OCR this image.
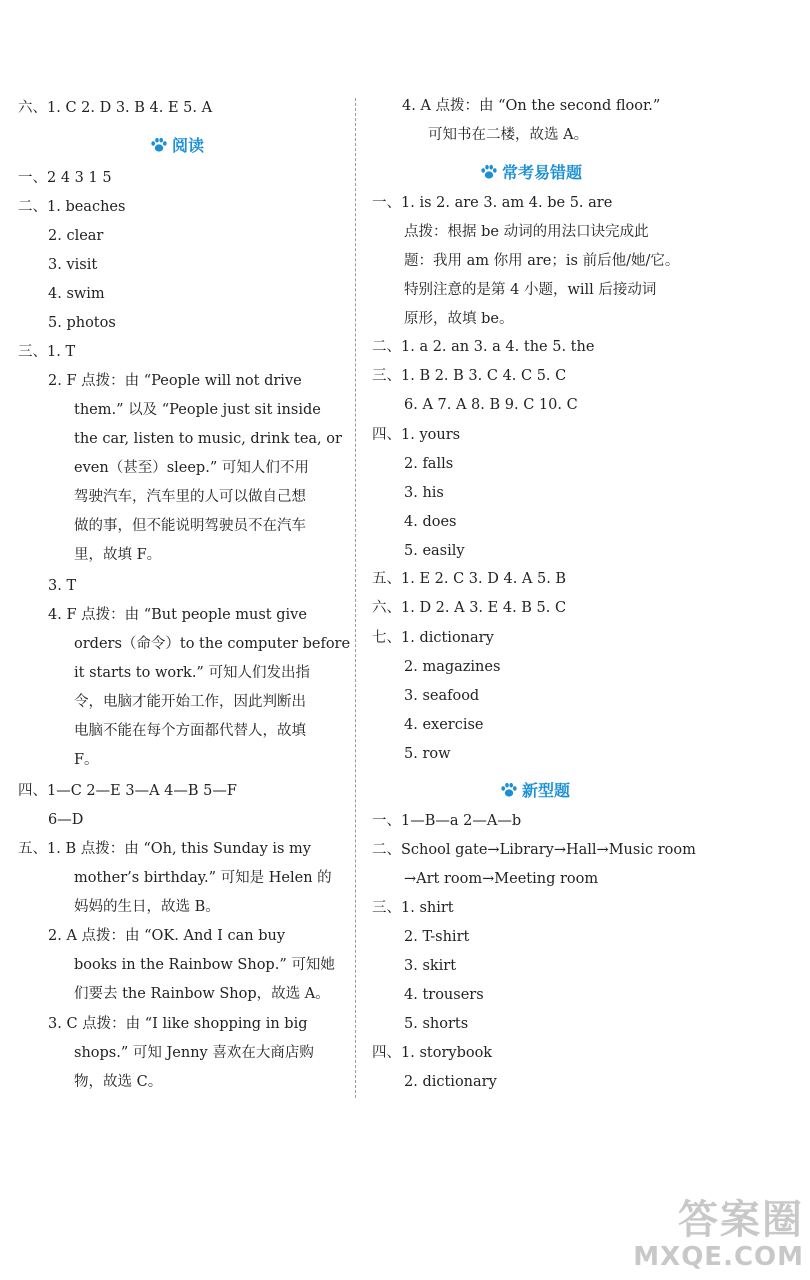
六、1. C 2. D 3. B 4. E 5. A
阅读
一、2 4 3 1 5
二、1. beaches
2. clear
3. visit
4. swim
5. photos
三、1. T
2. F 点拨：由 “People will not drive
them.” 以及 “People just sit inside
the car, listen to music, drink tea, or
even（甚至）sleep.” 可知人们不用
驾驶汽车，汽车里的人可以做自己想
做的事，但不能说明驾驶员不在汽车
里，故填 F。
3. T
4. F 点拨：由 “But people must give
orders（命令）to the computer before
it starts to work.” 可知人们发出指
令，电脑才能开始工作，因此判断出
电脑不能在每个方面都代替人，故填
F。
四、1—C 2—E 3—A 4—B 5—F
6—D
五、1. B 点拨：由 “Oh, this Sunday is my
mother’s birthday.” 可知是 Helen 的
妈妈的生日，故选 B。
2. A 点拨：由 “OK. And I can buy
books in the Rainbow Shop.” 可知她
们要去 the Rainbow Shop，故选 A。
3. C 点拨：由 “I like shopping in big
shops.” 可知 Jenny 喜欢在大商店购
物，故选 C。
4. A 点拨：由 “On the second floor.”
可知书在二楼，故选 A。
常考易错题
一、1. is 2. are 3. am 4. be 5. are
点拨：根据 be 动词的用法口诀完成此
题：我用 am 你用 are；is 前后他/她/它。
特别注意的是第 4 小题，will 后接动词
原形，故填 be。
二、1. a 2. an 3. a 4. the 5. the
三、1. B 2. B 3. C 4. C 5. C
6. A 7. A 8. B 9. C 10. C
四、1. yours
2. falls
3. his
4. does
5. easily
五、1. E 2. C 3. D 4. A 5. B
六、1. D 2. A 3. E 4. B 5. C
七、1. dictionary
2. magazines
3. seafood
4. exercise
5. row
新型题
一、1—B—a 2—A—b
二、School gate→Library→Hall→Music room
→Art room→Meeting room
三、1. shirt
2. T-shirt
3. skirt
4. trousers
5. shorts
四、1. storybook
2. dictionary
答案圈
MXQE.COM
